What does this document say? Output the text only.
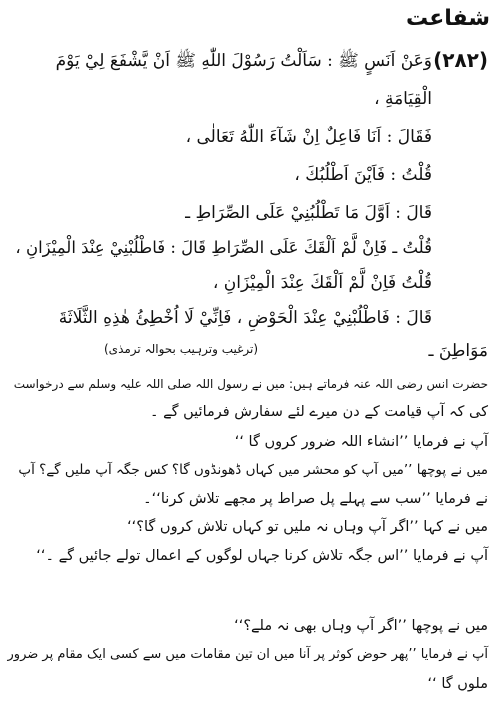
شفاعت
(۲۸۲)
وَعَنْ اَنَسٍ ﷺ : سَاَلْتُ رَسُوْلَ اللّٰهِ ﷺ اَنْ يَّشْفَعَ لِيْ يَوْمَ
الْقِيَامَةِ ،
فَقَالَ : اَنَا فَاعِلٌ اِنْ شَآءَ اللّٰهُ تَعَالٰى ،
قُلْتُ : فَاَيْنَ اَطْلُبُكَ ،
قَالَ : اَوَّلَ مَا تَطْلُبُنِيْ عَلَى الصِّرَاطِ ـ
قُلْتُ ـ فَاِنْ لَّمْ اَلْقَكَ عَلَى الصِّرَاطِ قَالَ : فَاطْلُبْنِيْ عِنْدَ الْمِيْزَانِ ،
قُلْتُ فَاِنْ لَّمْ اَلْقَكَ عِنْدَ الْمِيْزَانِ ،
قَالَ : فَاطْلُبْنِيْ عِنْدَ الْحَوْضِ ، فَاِنِّيْ لَا اُخْطِئُ هٰذِهِ الثَّلَاثَةَ
مَوَاطِنَ ـ
(ترغیب وترہیب بحوالہ ترمذی)
حضرت انس رضی اللہ عنہ فرماتے ہیں: میں نے رسول اللہ صلی اللہ علیہ وسلم سے درخواست
کی کہ آپ قیامت کے دن میرے لئے سفارش فرمائیں گے ۔
آپ نے فرمایا ’’انشاء اللہ ضرور کروں گا ‘‘
میں نے پوچھا ’’میں آپ کو محشر میں کہاں ڈھونڈوں گا؟ کس جگہ آپ ملیں گے؟ آپ
نے فرمایا ’’سب سے پہلے پل صراط پر مجھے تلاش کرنا‘‘۔
میں نے کہا ’’اگر آپ وہاں نہ ملیں تو کہاں تلاش کروں گا؟‘‘
آپ نے فرمایا ’’اس جگہ تلاش کرنا جہاں لوگوں کے اعمال تولے جائیں گے ۔‘‘
میں نے پوچھا ’’اگر آپ وہاں بھی نہ ملے؟‘‘
آپ نے فرمایا ’’پھر حوض کوثر پر آنا میں ان تین مقامات میں سے کسی ایک مقام پر ضرور
ملوں گا ‘‘
